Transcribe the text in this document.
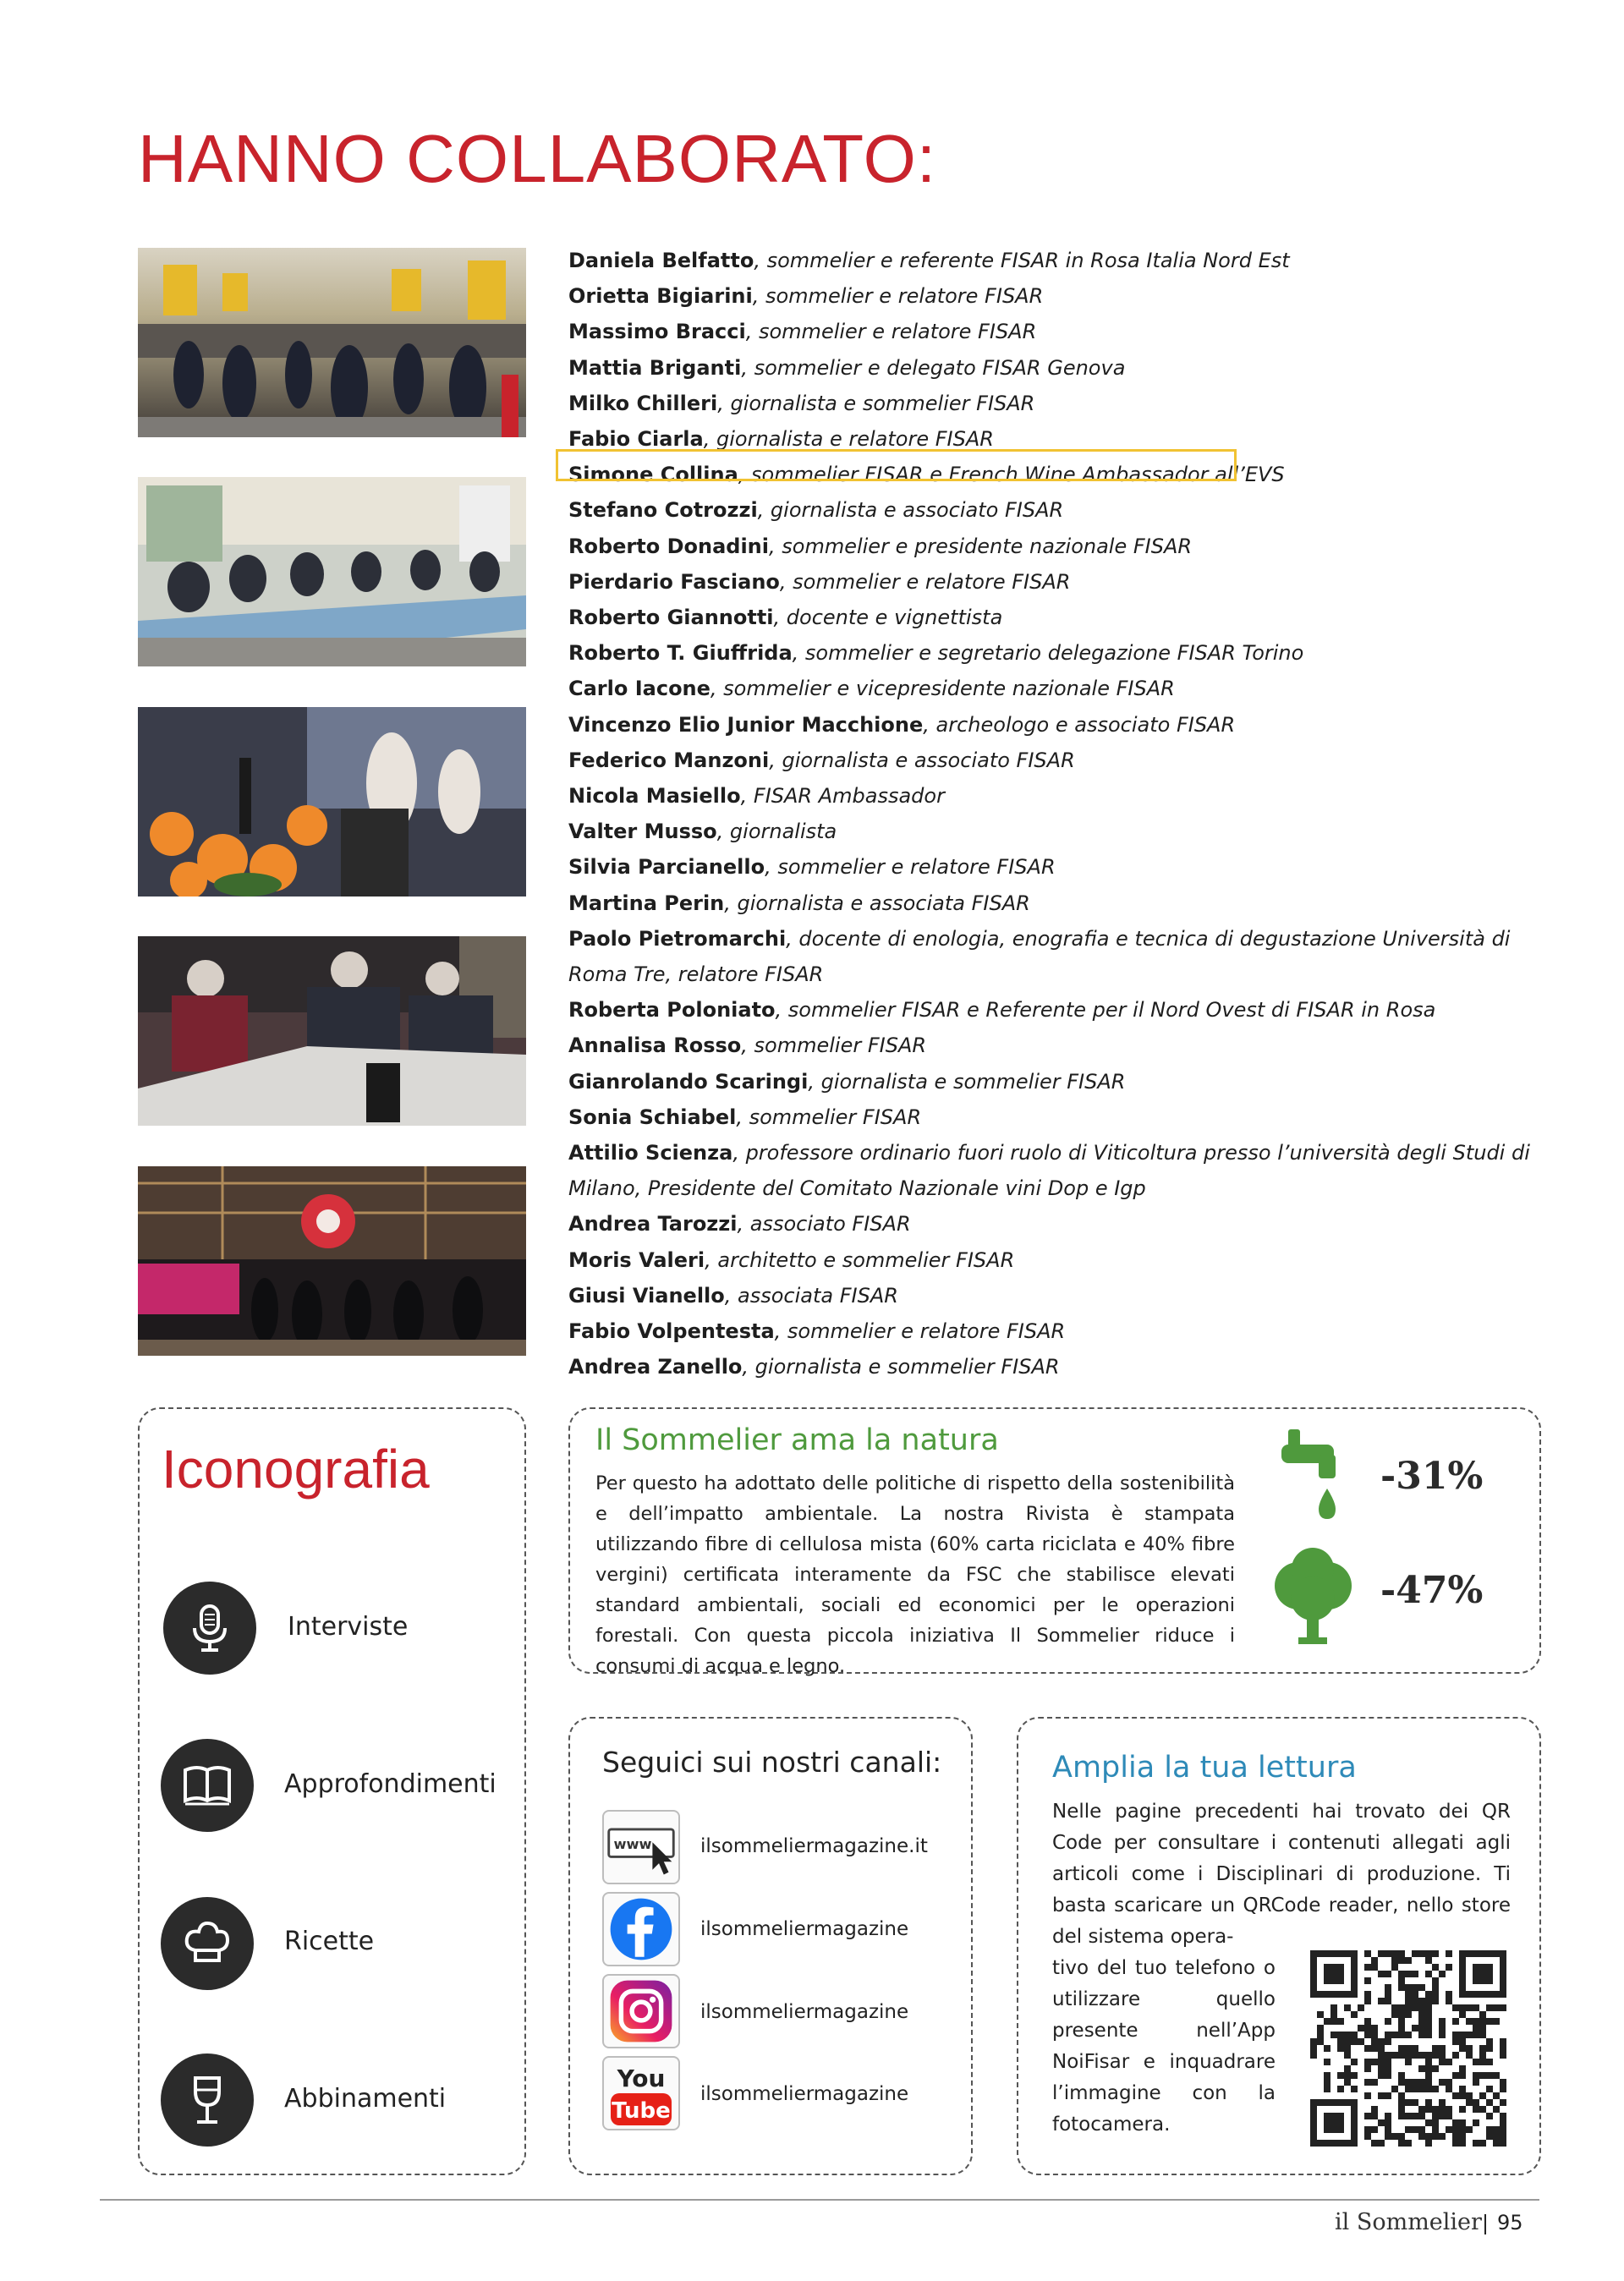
HANNO COLLABORATO:
Daniela Belfatto, sommelier e referente FISAR in Rosa Italia Nord Est
Orietta Bigiarini, sommelier e relatore FISAR
Massimo Bracci, sommelier e relatore FISAR
Mattia Briganti, sommelier e delegato FISAR Genova
Milko Chilleri, giornalista e sommelier FISAR
Fabio Ciarla, giornalista e relatore FISAR
Simone Collina, sommelier FISAR e French Wine Ambassador all’EVS
Stefano Cotrozzi, giornalista e associato FISAR
Roberto Donadini, sommelier e presidente nazionale FISAR
Pierdario Fasciano, sommelier e relatore FISAR
Roberto Giannotti, docente e vignettista
Roberto T. Giuffrida, sommelier e segretario delegazione FISAR Torino
Carlo Iacone, sommelier e vicepresidente nazionale FISAR
Vincenzo Elio Junior Macchione, archeologo e associato FISAR
Federico Manzoni, giornalista e associato FISAR
Nicola Masiello, FISAR Ambassador
Valter Musso, giornalista
Silvia Parcianello, sommelier e relatore FISAR
Martina Perin, giornalista e associata FISAR
Paolo Pietromarchi, docente di enologia, enografia e tecnica di degustazione Università di Roma Tre, relatore FISAR
Roberta Poloniato, sommelier FISAR e Referente per il Nord Ovest di FISAR in Rosa
Annalisa Rosso, sommelier FISAR
Gianrolando Scaringi, giornalista e sommelier FISAR
Sonia Schiabel, sommelier FISAR
Attilio Scienza, professore ordinario fuori ruolo di Viticoltura presso l’università degli Studi di Milano, Presidente del Comitato Nazionale vini Dop e Igp
Andrea Tarozzi, associato FISAR
Moris Valeri, architetto e sommelier FISAR
Giusi Vianello, associata FISAR
Fabio Volpentesta, sommelier e relatore FISAR
Andrea Zanello, giornalista e sommelier FISAR
Iconografia
Interviste
Approfondimenti
Ricette
Abbinamenti
Il Sommelier ama la natura

Per questo ha adottato delle politiche di rispetto della sostenibilità e dell’impatto ambientale. La nostra Rivista è stampata utilizzando fibre di cellulosa mista (60% carta riciclata e 40% fibre vergini) certificata interamente da FSC che stabilisce elevati standard ambientali, sociali ed economici per le operazioni forestali. Con questa piccola iniziativa Il Sommelier riduce i consumi di acqua e legno.

-31%
-47%
Seguici sui nostri canali:
www ilsommeliermagazine.it
ilsommeliermagazine
ilsommeliermagazine
You
Tube
ilsommeliermagazine
Amplia la tua lettura

Nelle pagine precedenti hai trovato dei QR Code per consultare i contenuti allegati agli articoli come i Disciplinari di produzione. Ti basta scaricare un QRCode reader, nello store del sistema opera-

tivo del tuo telefono o utilizzare quello presente nell’App NoiFisar e inquadrare l’immagine con la fotocamera.

il Sommelier 95
